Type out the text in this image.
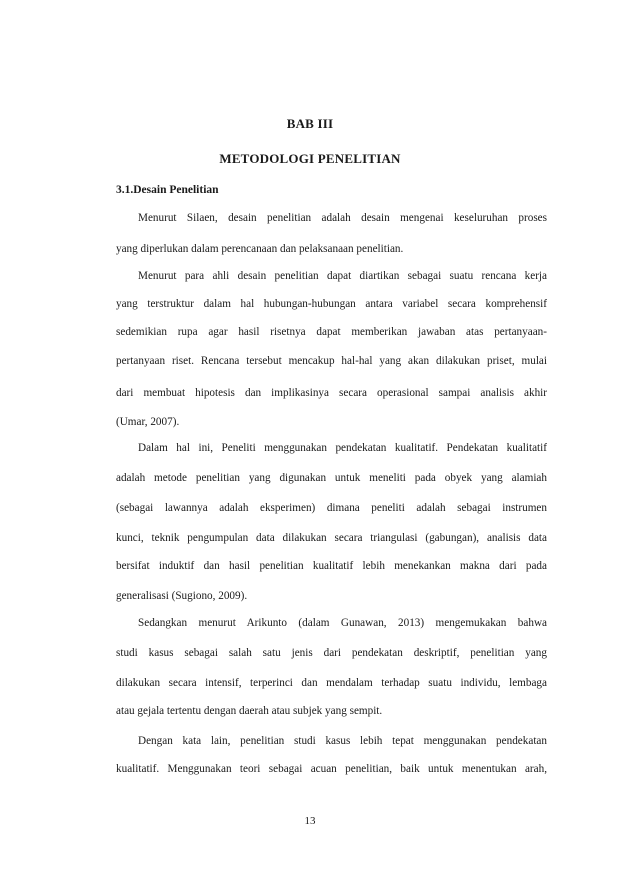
BAB III
METODOLOGI PENELITIAN
3.1.Desain Penelitian
Menurut Silaen, desain penelitian adalah desain mengenai keseluruhan proses
yang diperlukan dalam perencanaan dan pelaksanaan penelitian.
Menurut para ahli desain penelitian dapat diartikan sebagai suatu rencana kerja
yang terstruktur dalam hal hubungan-hubungan antara variabel secara komprehensif
sedemikian rupa agar hasil risetnya dapat memberikan jawaban atas pertanyaan-
pertanyaan riset. Rencana tersebut mencakup hal-hal yang akan dilakukan priset, mulai
dari membuat hipotesis dan implikasinya secara operasional sampai analisis akhir
(Umar, 2007).
Dalam hal ini, Peneliti menggunakan pendekatan kualitatif. Pendekatan kualitatif
adalah metode penelitian yang digunakan untuk meneliti pada obyek yang alamiah
(sebagai lawannya adalah eksperimen) dimana peneliti adalah sebagai instrumen
kunci, teknik pengumpulan data dilakukan secara triangulasi (gabungan), analisis data
bersifat induktif dan hasil penelitian kualitatif lebih menekankan makna dari pada
generalisasi (Sugiono, 2009).
Sedangkan menurut Arikunto (dalam Gunawan, 2013) mengemukakan bahwa
studi kasus sebagai salah satu jenis dari pendekatan deskriptif, penelitian yang
dilakukan secara intensif, terperinci dan mendalam terhadap suatu individu, lembaga
atau gejala tertentu dengan daerah atau subjek yang sempit.
Dengan kata lain, penelitian studi kasus lebih tepat menggunakan pendekatan
kualitatif. Menggunakan teori sebagai acuan penelitian, baik untuk menentukan arah,
13
